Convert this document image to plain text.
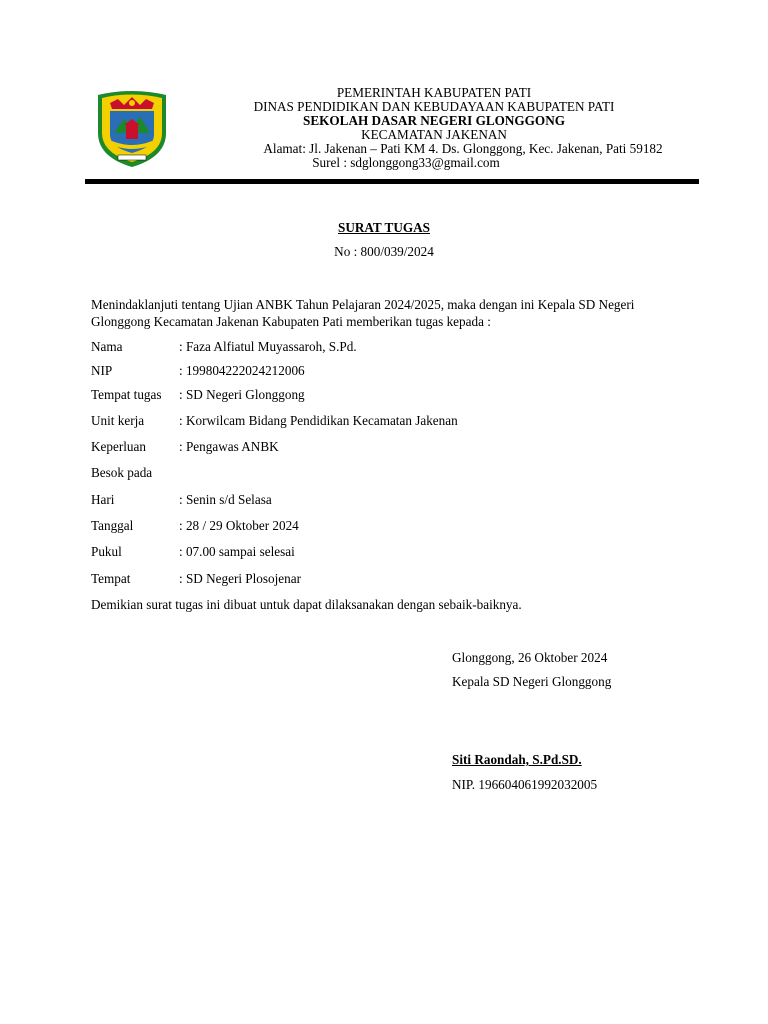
PEMERINTAH KABUPATEN PATI
DINAS PENDIDIKAN DAN KEBUDAYAAN KABUPATEN PATI
SEKOLAH DASAR NEGERI GLONGGONG
KECAMATAN JAKENAN
Alamat: Jl. Jakenan – Pati KM 4. Ds. Glonggong, Kec. Jakenan, Pati 59182
Surel : sdglonggong33@gmail.com
SURAT TUGAS
No : 800/039/2024
Menindaklanjuti tentang Ujian ANBK Tahun Pelajaran 2024/2025, maka dengan ini Kepala SD Negeri Glonggong Kecamatan Jakenan Kabupaten Pati memberikan tugas kepada :
Nama	: Faza Alfiatul Muyassaroh, S.Pd.
NIP	: 199804222024212006
Tempat tugas : SD Negeri Glonggong
Unit kerja	: Korwilcam Bidang Pendidikan Kecamatan Jakenan
Keperluan	: Pengawas ANBK
Besok pada
Hari	: Senin s/d Selasa
Tanggal	: 28 / 29 Oktober 2024
Pukul	: 07.00 sampai selesai
Tempat	: SD Negeri Plosojenar
Demikian surat tugas ini dibuat untuk dapat dilaksanakan dengan sebaik-baiknya.
Glonggong, 26 Oktober 2024
Kepala SD Negeri Glonggong
Siti Raondah, S.Pd.SD.
NIP. 196604061992032005
